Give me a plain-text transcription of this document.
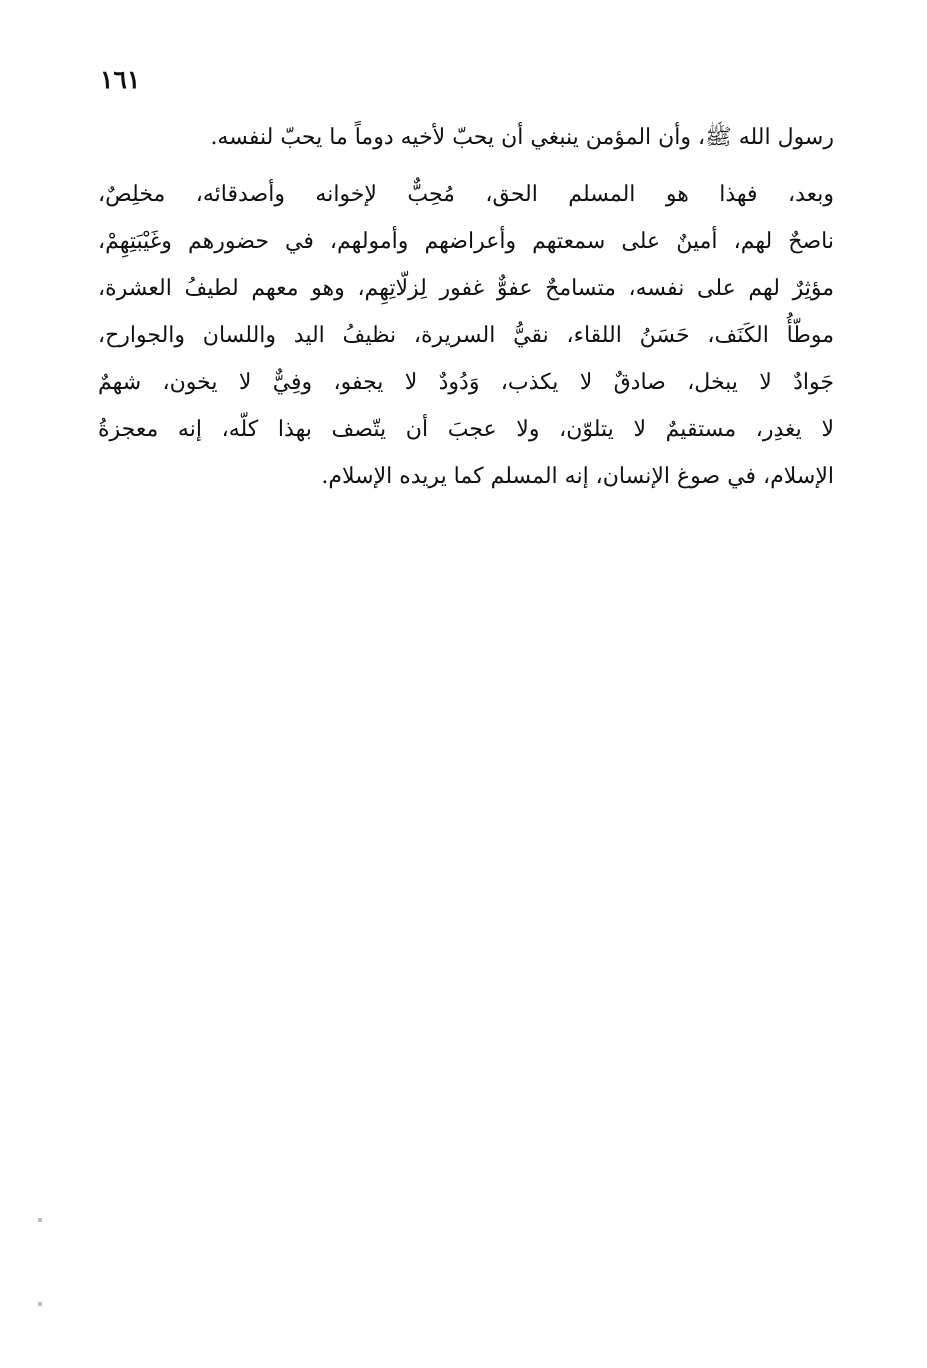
١٦١
رسول الله ﷺ، وأن المؤمن ينبغي أن يحبّ لأخيه دوماً ما يحبّ لنفسه.
وبعد، فهذا هو المسلم الحق، مُحِبٌّ لإخوانه وأصدقائه، مخلِصٌ،
ناصحٌ لهم، أمينٌ على سمعتهم وأعراضهم وأمولهم، في حضورهم وغَيْبَتِهِمْ،
مؤثِرٌ لهم على نفسه، متسامحٌ عفوٌّ غفور لِزلّاتِهِم، وهو معهم لطيفُ العشرة،
موطّأُ الكَنَف، حَسَنُ اللقاء، نقيُّ السريرة، نظيفُ اليد واللسان والجوارح،
جَوادٌ لا يبخل، صادقٌ لا يكذب، وَدُودٌ لا يجفو، وفِيٌّ لا يخون، شهمٌ
لا يغدِر، مستقيمٌ لا يتلوّن، ولا عجبَ أن يتّصف بهذا كلّه، إنه معجزةُ
الإسلام، في صوغ الإنسان، إنه المسلم كما يريده الإسلام.
